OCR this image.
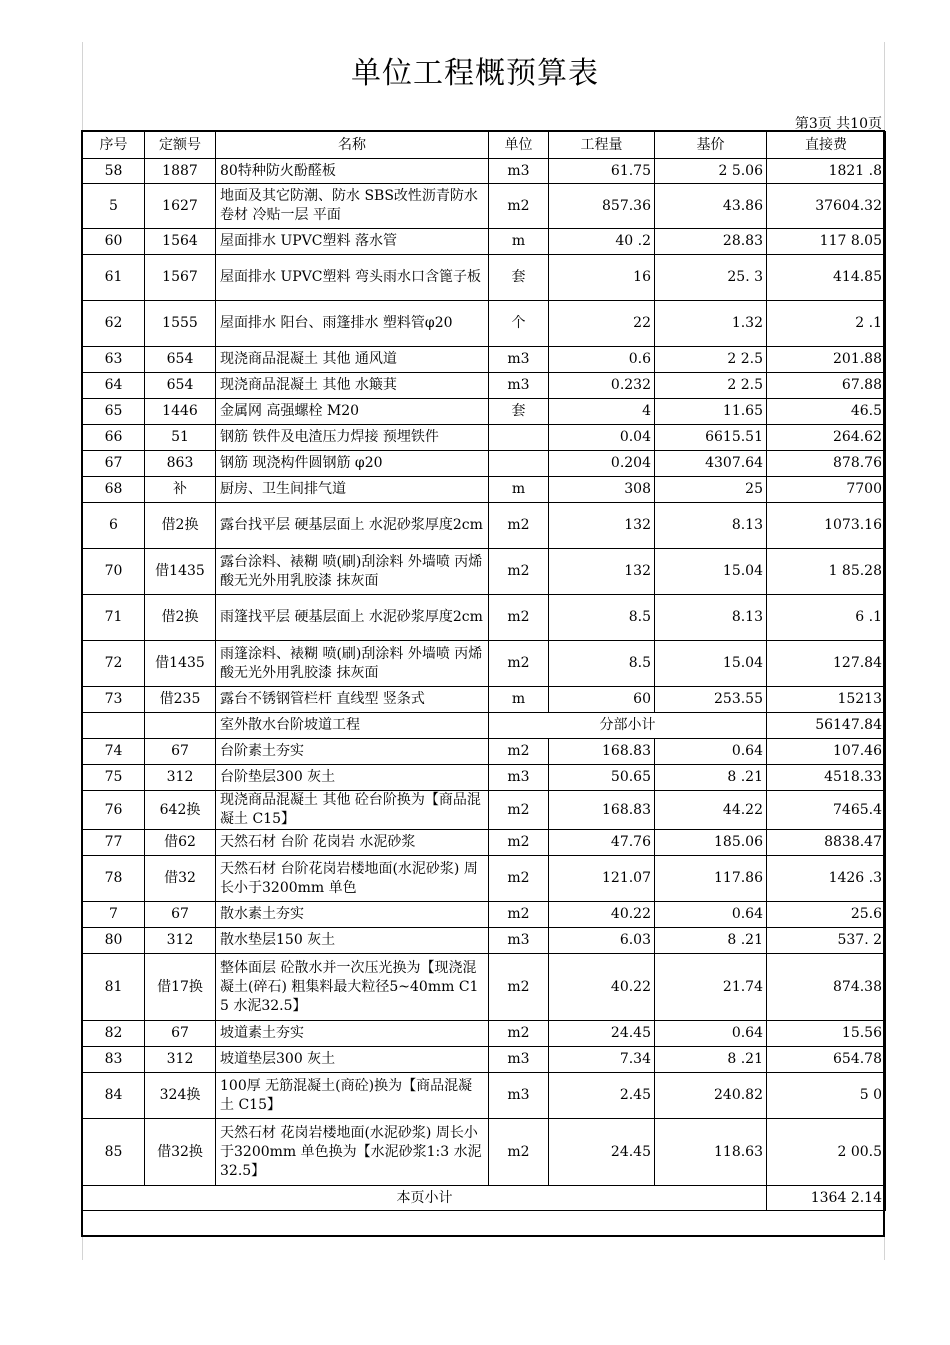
单位工程概预算表
第3页 共10页
序号	定额号	名称	单位	工程量	基价	直接费
58	1887	80特种防火酚醛板	m3	61.75	2 5.06	1821 .8
5	1627	地面及其它防潮、防水 SBS改性沥青防水卷材 冷贴一层 平面	m2	857.36	43.86	37604.32
60	1564	屋面排水 UPVC塑料 落水管	m	40 .2	28.83	117 8.05
61	1567	屋面排水 UPVC塑料 弯头雨水口含篦子板	套	16	25. 3	414.85
62	1555	屋面排水 阳台、雨篷排水 塑料管φ20	个	22	1.32	2 .1
63	654	现浇商品混凝土 其他 通风道	m3	0.6	2 2.5	201.88
64	654	现浇商品混凝土 其他 水簸萁	m3	0.232	2 2.5	67.88
65	1446	金属网 高强螺栓 M20	套	4	11.65	46.5
66	51	钢筋 铁件及电渣压力焊接 预埋铁件		0.04	6615.51	264.62
67	863	钢筋 现浇构件圆钢筋 φ20		0.204	4307.64	878.76
68	补	厨房、卫生间排气道	m	308	25	7700
6	借2换	露台找平层 硬基层面上 水泥砂浆厚度2cm	m2	132	8.13	1073.16
70	借1435	露台涂料、裱糊 喷(刷)刮涂料 外墙喷 丙烯酸无光外用乳胶漆 抹灰面	m2	132	15.04	1 85.28
71	借2换	雨篷找平层 硬基层面上 水泥砂浆厚度2cm	m2	8.5	8.13	6 .1
72	借1435	雨篷涂料、裱糊 喷(刷)刮涂料 外墙喷 丙烯酸无光外用乳胶漆 抹灰面	m2	8.5	15.04	127.84
73	借235	露台不锈钢管栏杆 直线型 竖条式	m	60	253.55	15213
		室外散水台阶坡道工程	分部小计			56147.84
74	67	台阶素土夯实	m2	168.83	0.64	107.46
75	312	台阶垫层300 灰土	m3	50.65	8 .21	4518.33
76	642换	现浇商品混凝土 其他 砼台阶换为【商品混凝土 C15】	m2	168.83	44.22	7465.4
77	借62	天然石材 台阶 花岗岩 水泥砂浆	m2	47.76	185.06	8838.47
78	借32	天然石材 台阶花岗岩楼地面(水泥砂浆) 周长小于3200mm 单色	m2	121.07	117.86	1426 .3
7	67	散水素土夯实	m2	40.22	0.64	25.6
80	312	散水垫层150 灰土	m3	6.03	8 .21	537. 2
81	借17换	整体面层 砼散水并一次压光换为【现浇混凝土(碎石) 粗集料最大粒径5~40mm C15 水泥32.5】	m2	40.22	21.74	874.38
82	67	坡道素土夯实	m2	24.45	0.64	15.56
83	312	坡道垫层300 灰土	m3	7.34	8 .21	654.78
84	324换	100厚 无筋混凝土(商砼)换为【商品混凝土 C15】	m3	2.45	240.82	5 0
85	借32换	天然石材 花岗岩楼地面(水泥砂浆) 周长小于3200mm 单色换为【水泥砂浆1:3 水泥32.5】	m2	24.45	118.63	2 00.5
本页小计						1364 2.14
